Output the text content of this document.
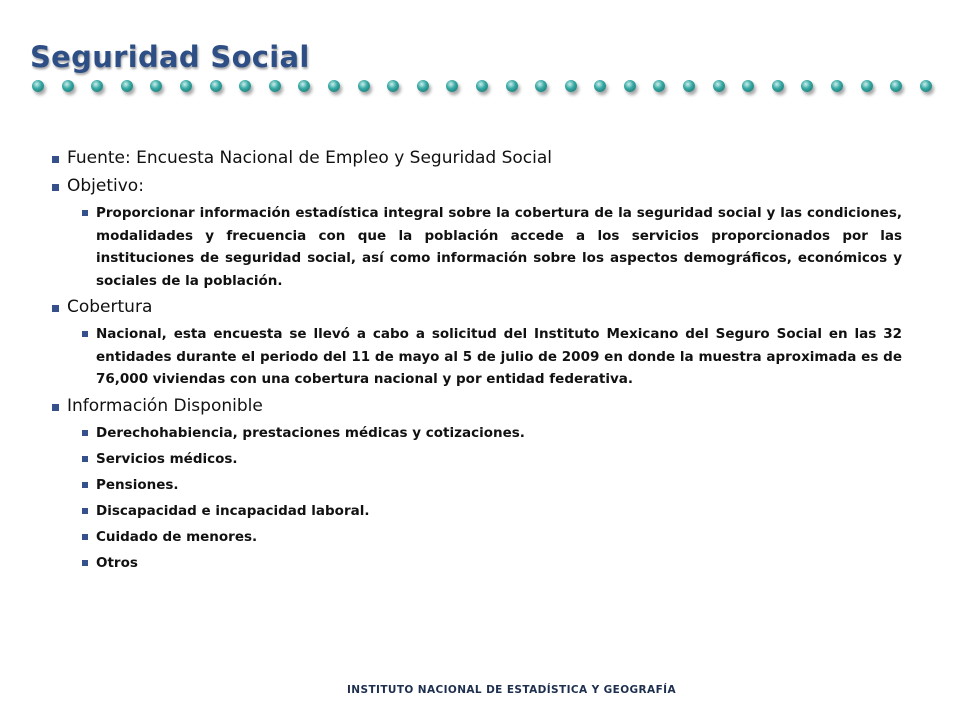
Seguridad Social
Fuente: Encuesta Nacional de Empleo y Seguridad Social
Objetivo:
Proporcionar información estadística integral sobre la cobertura de la seguridad social y las condiciones, modalidades y frecuencia con que la población accede a los servicios proporcionados por las instituciones de seguridad social, así como información sobre los aspectos demográficos, económicos y sociales de la población.
Cobertura
Nacional, esta encuesta se llevó a cabo a solicitud del Instituto Mexicano del Seguro Social en las 32 entidades durante el periodo del 11 de mayo al 5 de julio de 2009 en donde la muestra aproximada es de 76,000 viviendas con una cobertura nacional y por entidad federativa.
Información Disponible
Derechohabiencia, prestaciones médicas y cotizaciones.
Servicios médicos.
Pensiones.
Discapacidad e incapacidad laboral.
Cuidado de menores.
Otros
INSTITUTO NACIONAL DE ESTADÍSTICA Y GEOGRAFÍA
